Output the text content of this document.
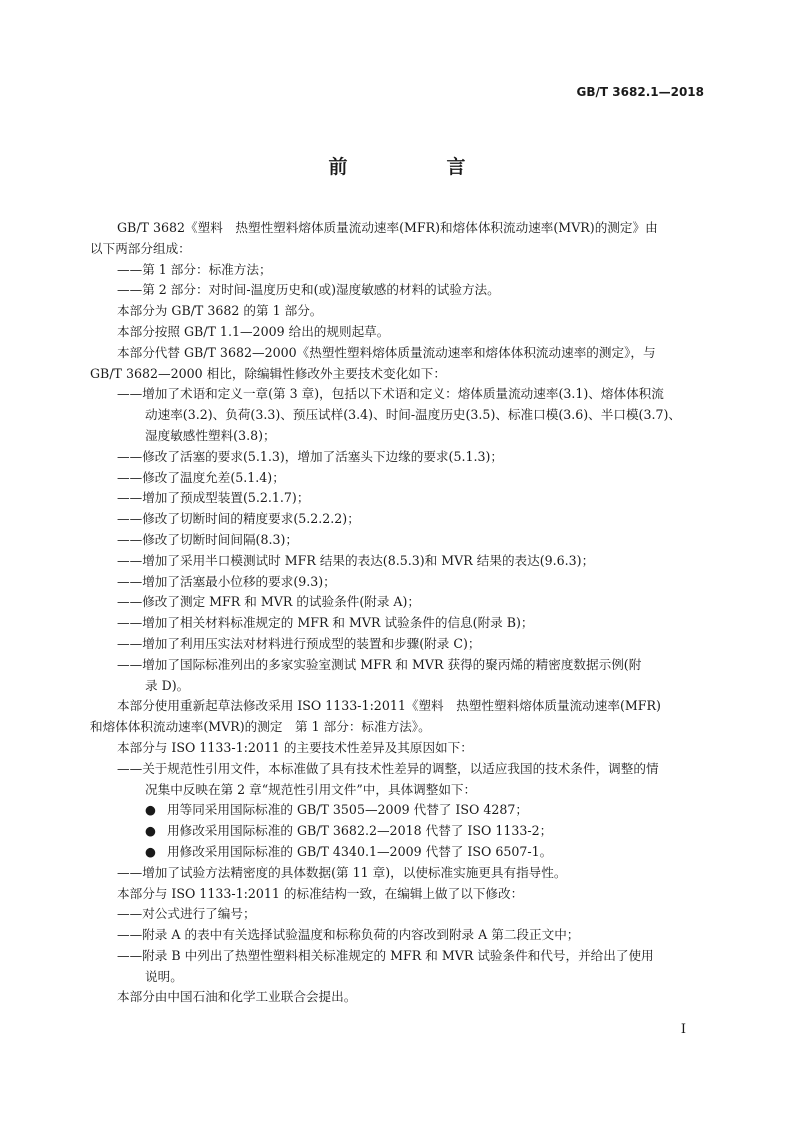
GB/T 3682.1—2018
前　言
GB/T 3682《塑料　热塑性塑料熔体质量流动速率(MFR)和熔体体积流动速率(MVR)的测定》由
以下两部分组成：
——第 1 部分：标准方法；
——第 2 部分：对时间-温度历史和(或)湿度敏感的材料的试验方法。
本部分为 GB/T 3682 的第 1 部分。
本部分按照 GB/T 1.1—2009 给出的规则起草。
本部分代替 GB/T 3682—2000《热塑性塑料熔体质量流动速率和熔体体积流动速率的测定》，与
GB/T 3682—2000 相比，除编辑性修改外主要技术变化如下：
——增加了术语和定义一章(第 3 章)，包括以下术语和定义：熔体质量流动速率(3.1)、熔体体积流
动速率(3.2)、负荷(3.3)、预压试样(3.4)、时间-温度历史(3.5)、标准口模(3.6)、半口模(3.7)、
湿度敏感性塑料(3.8)；
——修改了活塞的要求(5.1.3)，增加了活塞头下边缘的要求(5.1.3)；
——修改了温度允差(5.1.4)；
——增加了预成型装置(5.2.1.7)；
——修改了切断时间的精度要求(5.2.2.2)；
——修改了切断时间间隔(8.3)；
——增加了采用半口模测试时 MFR 结果的表达(8.5.3)和 MVR 结果的表达(9.6.3)；
——增加了活塞最小位移的要求(9.3)；
——修改了测定 MFR 和 MVR 的试验条件(附录 A)；
——增加了相关材料标准规定的 MFR 和 MVR 试验条件的信息(附录 B)；
——增加了利用压实法对材料进行预成型的装置和步骤(附录 C)；
——增加了国际标准列出的多家实验室测试 MFR 和 MVR 获得的聚丙烯的精密度数据示例(附
录 D)。
本部分使用重新起草法修改采用 ISO 1133-1:2011《塑料　热塑性塑料熔体质量流动速率(MFR)
和熔体体积流动速率(MVR)的测定　第 1 部分：标准方法》。
本部分与 ISO 1133-1:2011 的主要技术性差异及其原因如下：
——关于规范性引用文件，本标准做了具有技术性差异的调整，以适应我国的技术条件，调整的情
况集中反映在第 2 章“规范性引用文件”中，具体调整如下：
● 用等同采用国际标准的 GB/T 3505—2009 代替了 ISO 4287；
● 用修改采用国际标准的 GB/T 3682.2—2018 代替了 ISO 1133-2；
● 用修改采用国际标准的 GB/T 4340.1—2009 代替了 ISO 6507-1。
——增加了试验方法精密度的具体数据(第 11 章)，以使标准实施更具有指导性。
本部分与 ISO 1133-1:2011 的标准结构一致，在编辑上做了以下修改：
——对公式进行了编号；
——附录 A 的表中有关选择试验温度和标称负荷的内容改到附录 A 第二段正文中；
——附录 B 中列出了热塑性塑料相关标准规定的 MFR 和 MVR 试验条件和代号，并给出了使用
说明。
本部分由中国石油和化学工业联合会提出。
I
